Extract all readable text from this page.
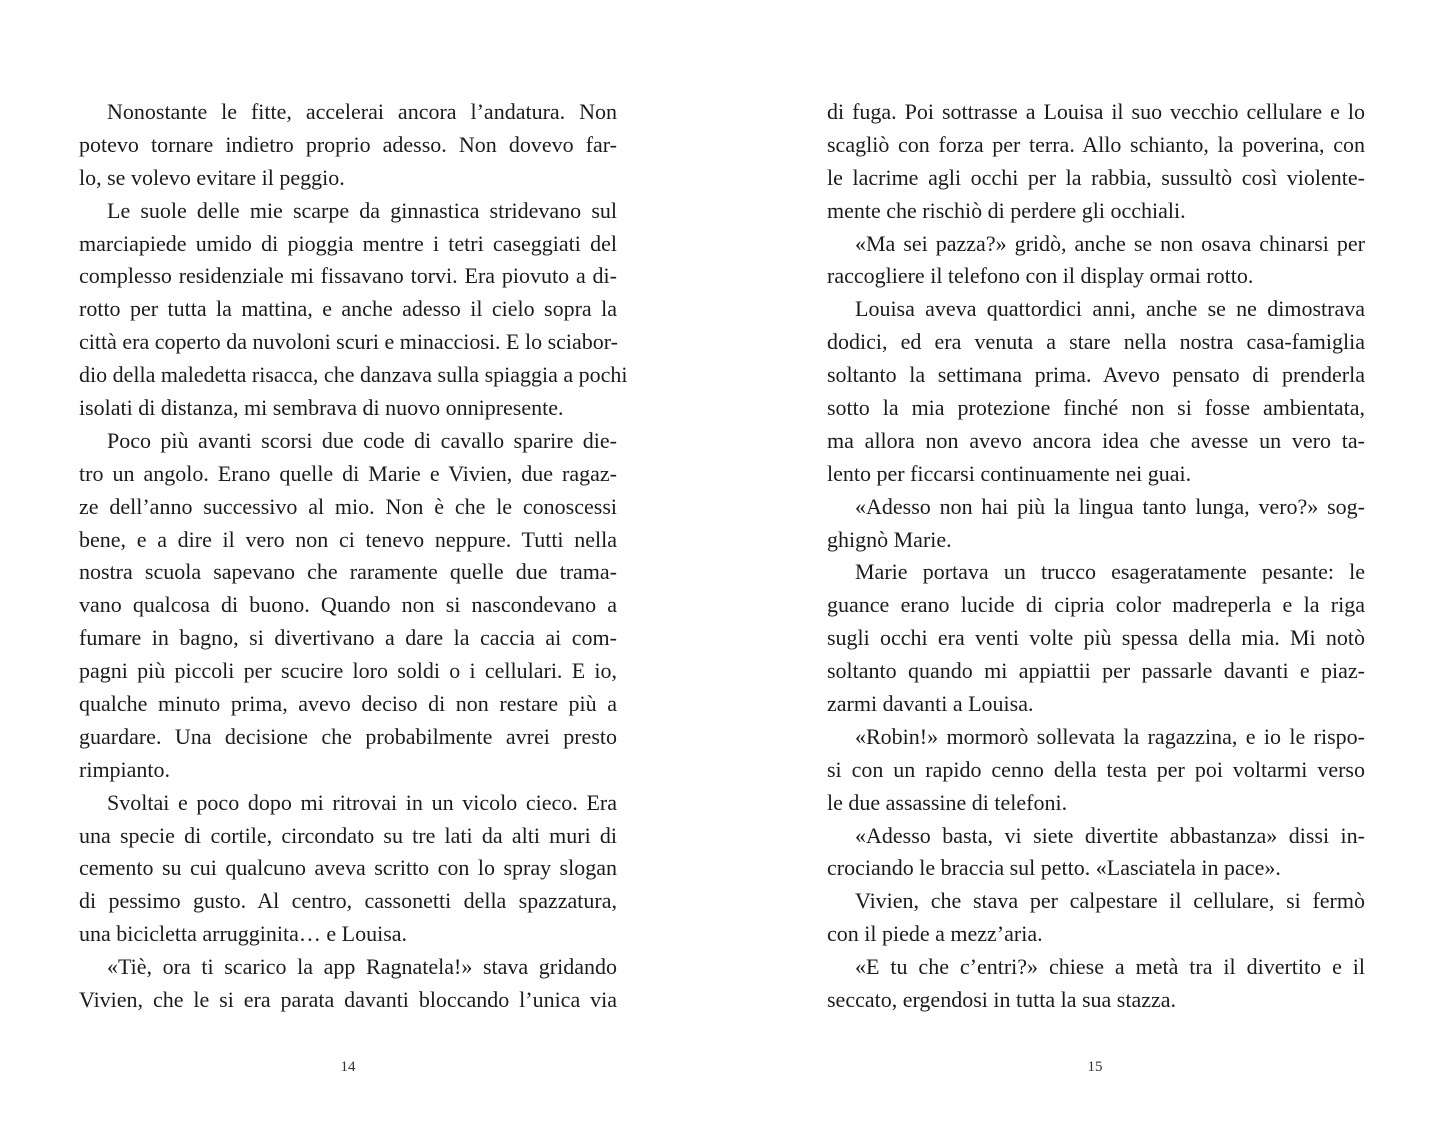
Nonostante le fitte, accelerai ancora l’andatura. Non
potevo tornare indietro proprio adesso. Non dovevo far-
lo, se volevo evitare il peggio.
Le suole delle mie scarpe da ginnastica stridevano sul
marciapiede umido di pioggia mentre i tetri caseggiati del
complesso residenziale mi fissavano torvi. Era piovuto a di-
rotto per tutta la mattina, e anche adesso il cielo sopra la
città era coperto da nuvoloni scuri e minacciosi. E lo sciabor-
dio della maledetta risacca, che danzava sulla spiaggia a pochi
isolati di distanza, mi sembrava di nuovo onnipresente.
Poco più avanti scorsi due code di cavallo sparire die-
tro un angolo. Erano quelle di Marie e Vivien, due ragaz-
ze dell’anno successivo al mio. Non è che le conoscessi
bene, e a dire il vero non ci tenevo neppure. Tutti nella
nostra scuola sapevano che raramente quelle due trama-
vano qualcosa di buono. Quando non si nascondevano a
fumare in bagno, si divertivano a dare la caccia ai com-
pagni più piccoli per scucire loro soldi o i cellulari. E io,
qualche minuto prima, avevo deciso di non restare più a
guardare. Una decisione che probabilmente avrei presto
rimpianto.
Svoltai e poco dopo mi ritrovai in un vicolo cieco. Era
una specie di cortile, circondato su tre lati da alti muri di
cemento su cui qualcuno aveva scritto con lo spray slogan
di pessimo gusto. Al centro, cassonetti della spazzatura,
una bicicletta arrugginita… e Louisa.
«Tiè, ora ti scarico la app Ragnatela!» stava gridando
Vivien, che le si era parata davanti bloccando l’unica via
14
di fuga. Poi sottrasse a Louisa il suo vecchio cellulare e lo
scagliò con forza per terra. Allo schianto, la poverina, con
le lacrime agli occhi per la rabbia, sussultò così violente-
mente che rischiò di perdere gli occhiali.
«Ma sei pazza?» gridò, anche se non osava chinarsi per
raccogliere il telefono con il display ormai rotto.
Louisa aveva quattordici anni, anche se ne dimostrava
dodici, ed era venuta a stare nella nostra casa-famiglia
soltanto la settimana prima. Avevo pensato di prenderla
sotto la mia protezione finché non si fosse ambientata,
ma allora non avevo ancora idea che avesse un vero ta-
lento per ficcarsi continuamente nei guai.
«Adesso non hai più la lingua tanto lunga, vero?» sog-
ghignò Marie.
Marie portava un trucco esageratamente pesante: le
guance erano lucide di cipria color madreperla e la riga
sugli occhi era venti volte più spessa della mia. Mi notò
soltanto quando mi appiattii per passarle davanti e piaz-
zarmi davanti a Louisa.
«Robin!» mormorò sollevata la ragazzina, e io le rispo-
si con un rapido cenno della testa per poi voltarmi verso
le due assassine di telefoni.
«Adesso basta, vi siete divertite abbastanza» dissi in-
crociando le braccia sul petto. «Lasciatela in pace».
Vivien, che stava per calpestare il cellulare, si fermò
con il piede a mezz’aria.
«E tu che c’entri?» chiese a metà tra il divertito e il
seccato, ergendosi in tutta la sua stazza.
15
